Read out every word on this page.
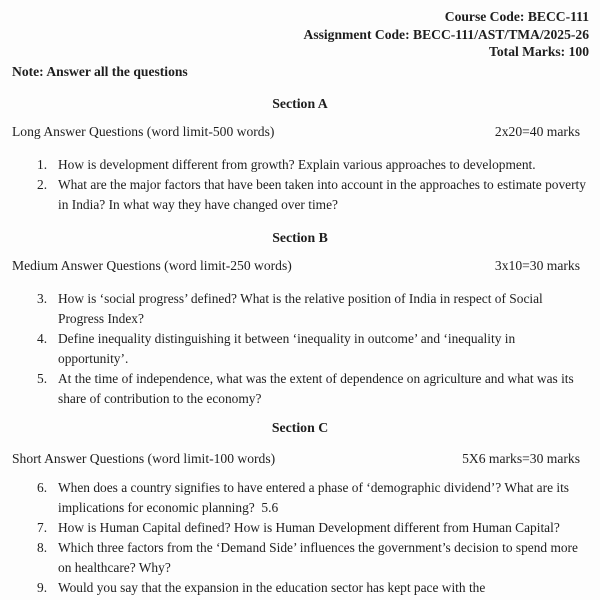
Course Code: BECC-111
Assignment Code: BECC-111/AST/TMA/2025-26
Total Marks: 100
Note: Answer all the questions
Section A
Long Answer Questions (word limit-500 words)	2x20=40 marks
1. How is development different from growth? Explain various approaches to development.
2. What are the major factors that have been taken into account in the approaches to estimate poverty in India? In what way they have changed over time?
Section B
Medium Answer Questions (word limit-250 words)	3x10=30 marks
3. How is ‘social progress’ defined? What is the relative position of India in respect of Social Progress Index?
4. Define inequality distinguishing it between ‘inequality in outcome’ and ‘inequality in opportunity’.
5. At the time of independence, what was the extent of dependence on agriculture and what was its share of contribution to the economy?
Section C
Short Answer Questions (word limit-100 words)	5X6 marks=30 marks
6. When does a country signifies to have entered a phase of ‘demographic dividend’? What are its implications for economic planning?  5.6
7. How is Human Capital defined? How is Human Development different from Human Capital?
8. Which three factors from the ‘Demand Side’ influences the government’s decision to spend more on healthcare? Why?
9. Would you say that the expansion in the education sector has kept pace with the
